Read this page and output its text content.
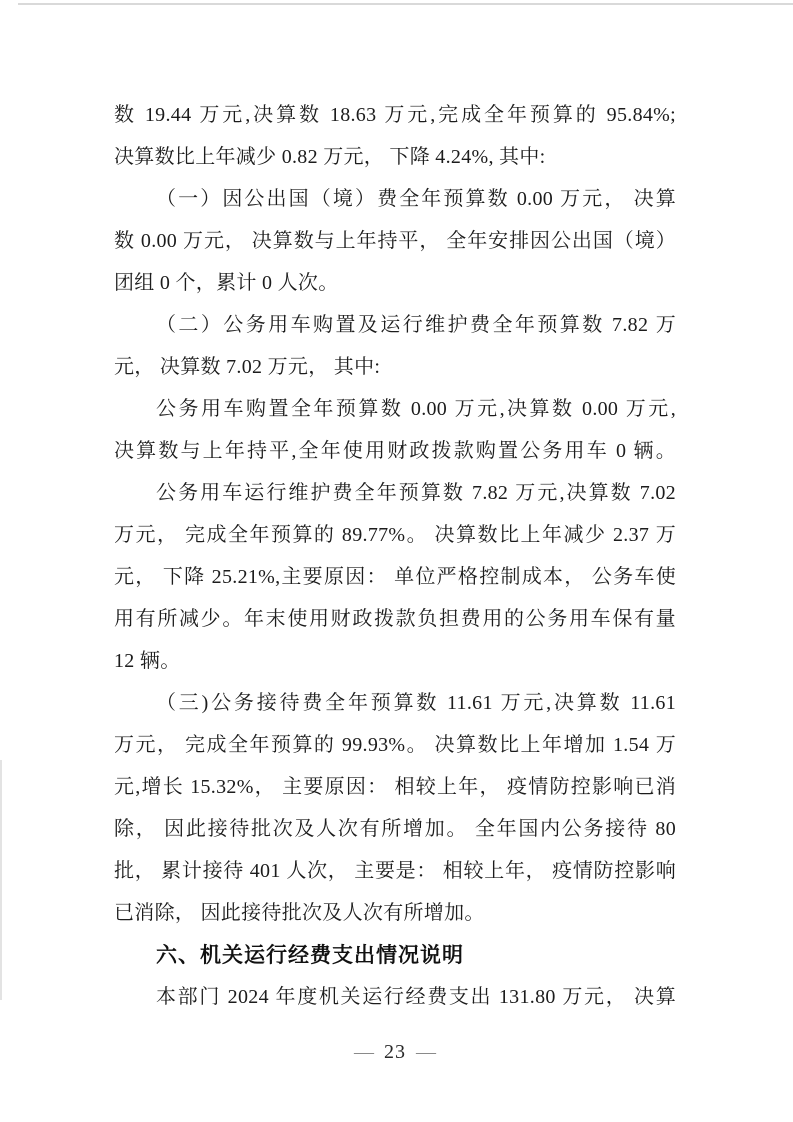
数 19.44 万元,决算数 18.63 万元,完成全年预算的 95.84%;

决算数比上年减少 0.82 万元， 下降 4.24%, 其中:

（一）因公出国（境）费全年预算数 0.00 万元， 决算

数 0.00 万元， 决算数与上年持平， 全年安排因公出国（境）

团组 0 个，累计 0 人次。

（二）公务用车购置及运行维护费全年预算数 7.82 万

元， 决算数 7.02 万元， 其中:

公务用车购置全年预算数 0.00 万元,决算数 0.00 万元,

决算数与上年持平,全年使用财政拨款购置公务用车 0 辆。

公务用车运行维护费全年预算数 7.82 万元,决算数 7.02

万元， 完成全年预算的 89.77%。 决算数比上年减少 2.37 万

元， 下降 25.21%,主要原因： 单位严格控制成本， 公务车使

用有所减少。年末使用财政拨款负担费用的公务用车保有量

12 辆。

（三)公务接待费全年预算数 11.61 万元,决算数 11.61

万元， 完成全年预算的 99.93%。 决算数比上年增加 1.54 万

元,增长 15.32%， 主要原因： 相较上年， 疫情防控影响已消

除， 因此接待批次及人次有所增加。 全年国内公务接待 80

批， 累计接待 401 人次， 主要是： 相较上年， 疫情防控影响

已消除， 因此接待批次及人次有所增加。

六、机关运行经费支出情况说明

本部门 2024 年度机关运行经费支出 131.80 万元， 决算

— 23 —
